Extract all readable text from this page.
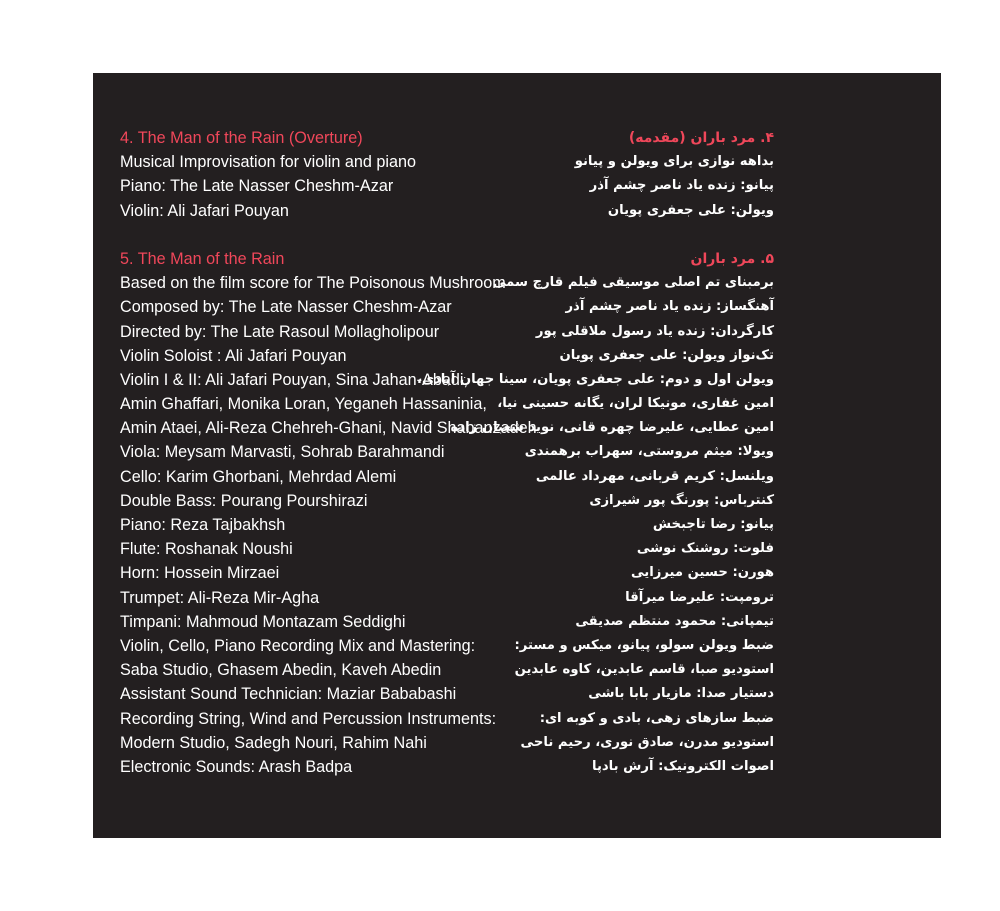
4. The Man of the Rain (Overture)
Musical Improvisation for violin and piano
Piano: The Late Nasser Cheshm-Azar
Violin: Ali Jafari Pouyan
5. The Man of the Rain
Based on the film score for The Poisonous Mushroom
Composed by: The Late Nasser Cheshm-Azar
Directed by: The Late Rasoul Mollagholipour
Violin Soloist : Ali Jafari Pouyan
Violin I & II: Ali Jafari Pouyan, Sina Jahan-Abadi,
Amin Ghaffari, Monika Loran, Yeganeh Hassaninia,
Amin Ataei, Ali-Reza Chehreh-Ghani, Navid Shabanzadeh
Viola: Meysam Marvasti, Sohrab Barahmandi
Cello: Karim Ghorbani, Mehrdad Alemi
Double Bass: Pourang Pourshirazi
Piano: Reza Tajbakhsh
Flute: Roshanak Noushi
Horn: Hossein Mirzaei
Trumpet: Ali-Reza Mir-Agha
Timpani: Mahmoud Montazam Seddighi
Violin, Cello, Piano Recording Mix and Mastering:
Saba Studio, Ghasem Abedin, Kaveh Abedin
Assistant Sound Technician: Maziar Bababashi
Recording String, Wind and Percussion Instruments:
Modern Studio, Sadegh Nouri, Rahim Nahi
Electronic Sounds: Arash Badpa
۴. مرد باران (مقدمه)
بداهه نوازی برای ویولن و پیانو
پیانو: زنده یاد ناصر چشم آذر
ویولن: علی جعفری پویان
۵. مرد باران
برمبنای تم اصلی موسیقی فیلم قارچ سمی
آهنگساز: زنده یاد ناصر چشم آذر
کارگردان: زنده یاد رسول ملاقلی پور
تک‌نواز ویولن: علی جعفری پویان
ویولن اول و دوم: علی جعفری پویان، سینا جهان آبادی،
امین غفاری، مونیکا لران، یگانه حسینی نیا،
امین عطایی، علیرضا چهره قانی، نوید شعبان زاده
ویولا: میثم مروستی، سهراب برهمندی
ویلنسل: کریم قربانی، مهرداد عالمی
کنترباس: پورنگ پور شیرازی
پیانو: رضا تاجبخش
فلوت: روشنک نوشی
هورن: حسین میرزایی
ترومپت: علیرضا میرآقا
تیمپانی: محمود منتظم صدیقی
ضبط ویولن سولو، پیانو، میکس و مستر:
استودیو صبا، قاسم عابدین، کاوه عابدین
دستیار صدا: مازیار بابا باشی
ضبط سازهای زهی، بادی و کوبه ای:
استودیو مدرن، صادق نوری، رحیم ناحی
اصوات الکترونیک: آرش بادپا
